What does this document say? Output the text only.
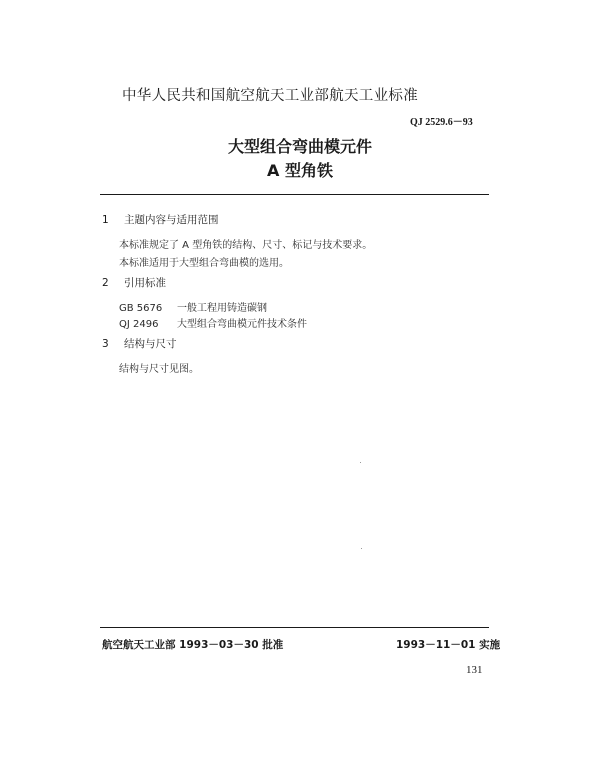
中华人民共和国航空航天工业部航天工业标准
QJ 2529.6－93
大型组合弯曲模元件
A 型角铁
1 主题内容与适用范围
本标准规定了 A 型角铁的结构、尺寸、标记与技术要求。
本标准适用于大型组合弯曲模的选用。
2 引用标准
GB 5676 一般工程用铸造碳钢
QJ 2496 大型组合弯曲模元件技术条件
3 结构与尺寸
结构与尺寸见图。
航空航天工业部 1993－03－30 批准	1993－11－01 实施
131
